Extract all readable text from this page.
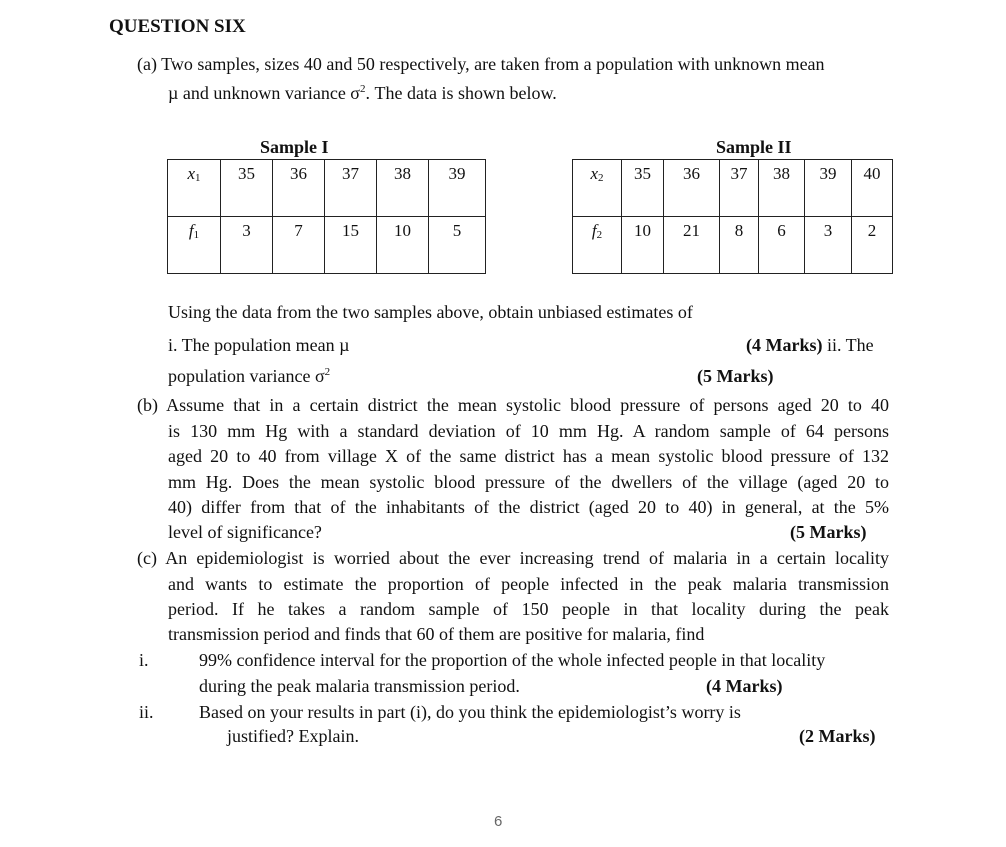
QUESTION SIX
(a) Two samples, sizes 40 and 50 respectively, are taken from a population with unknown mean
µ and unknown variance $\sigma^2$. The data is shown below.
Sample I
x1	35	36	37	38	39
f1	3	7	15	10	5
Sample II
x2	35	36	37	38	39	40
f2	10	21	8	6	3	2
Using the data from the two samples above, obtain unbiased estimates of
i. The population mean µ	(4 Marks) ii. The
population variance $\sigma^2$	(5 Marks)
(b) Assume that in a certain district the mean systolic blood pressure of persons aged 20 to 40
is 130 mm Hg with a standard deviation of 10 mm Hg. A random sample of 64 persons
aged 20 to 40 from village X of the same district has a mean systolic blood pressure of 132
mm Hg. Does the mean systolic blood pressure of the dwellers of the village (aged 20 to
40) differ from that of the inhabitants of the district (aged 20 to 40) in general, at the 5%
level of significance?	(5 Marks)
(c) An epidemiologist is worried about the ever increasing trend of malaria in a certain locality
and wants to estimate the proportion of people infected in the peak malaria transmission
period. If he takes a random sample of 150 people in that locality during the peak
transmission period and finds that 60 of them are positive for malaria, find
i.	99% confidence interval for the proportion of the whole infected people in that locality
during the peak malaria transmission period.	(4 Marks)
ii.	Based on your results in part (i), do you think the epidemiologist’s worry is
justified? Explain.	(2 Marks)
6
